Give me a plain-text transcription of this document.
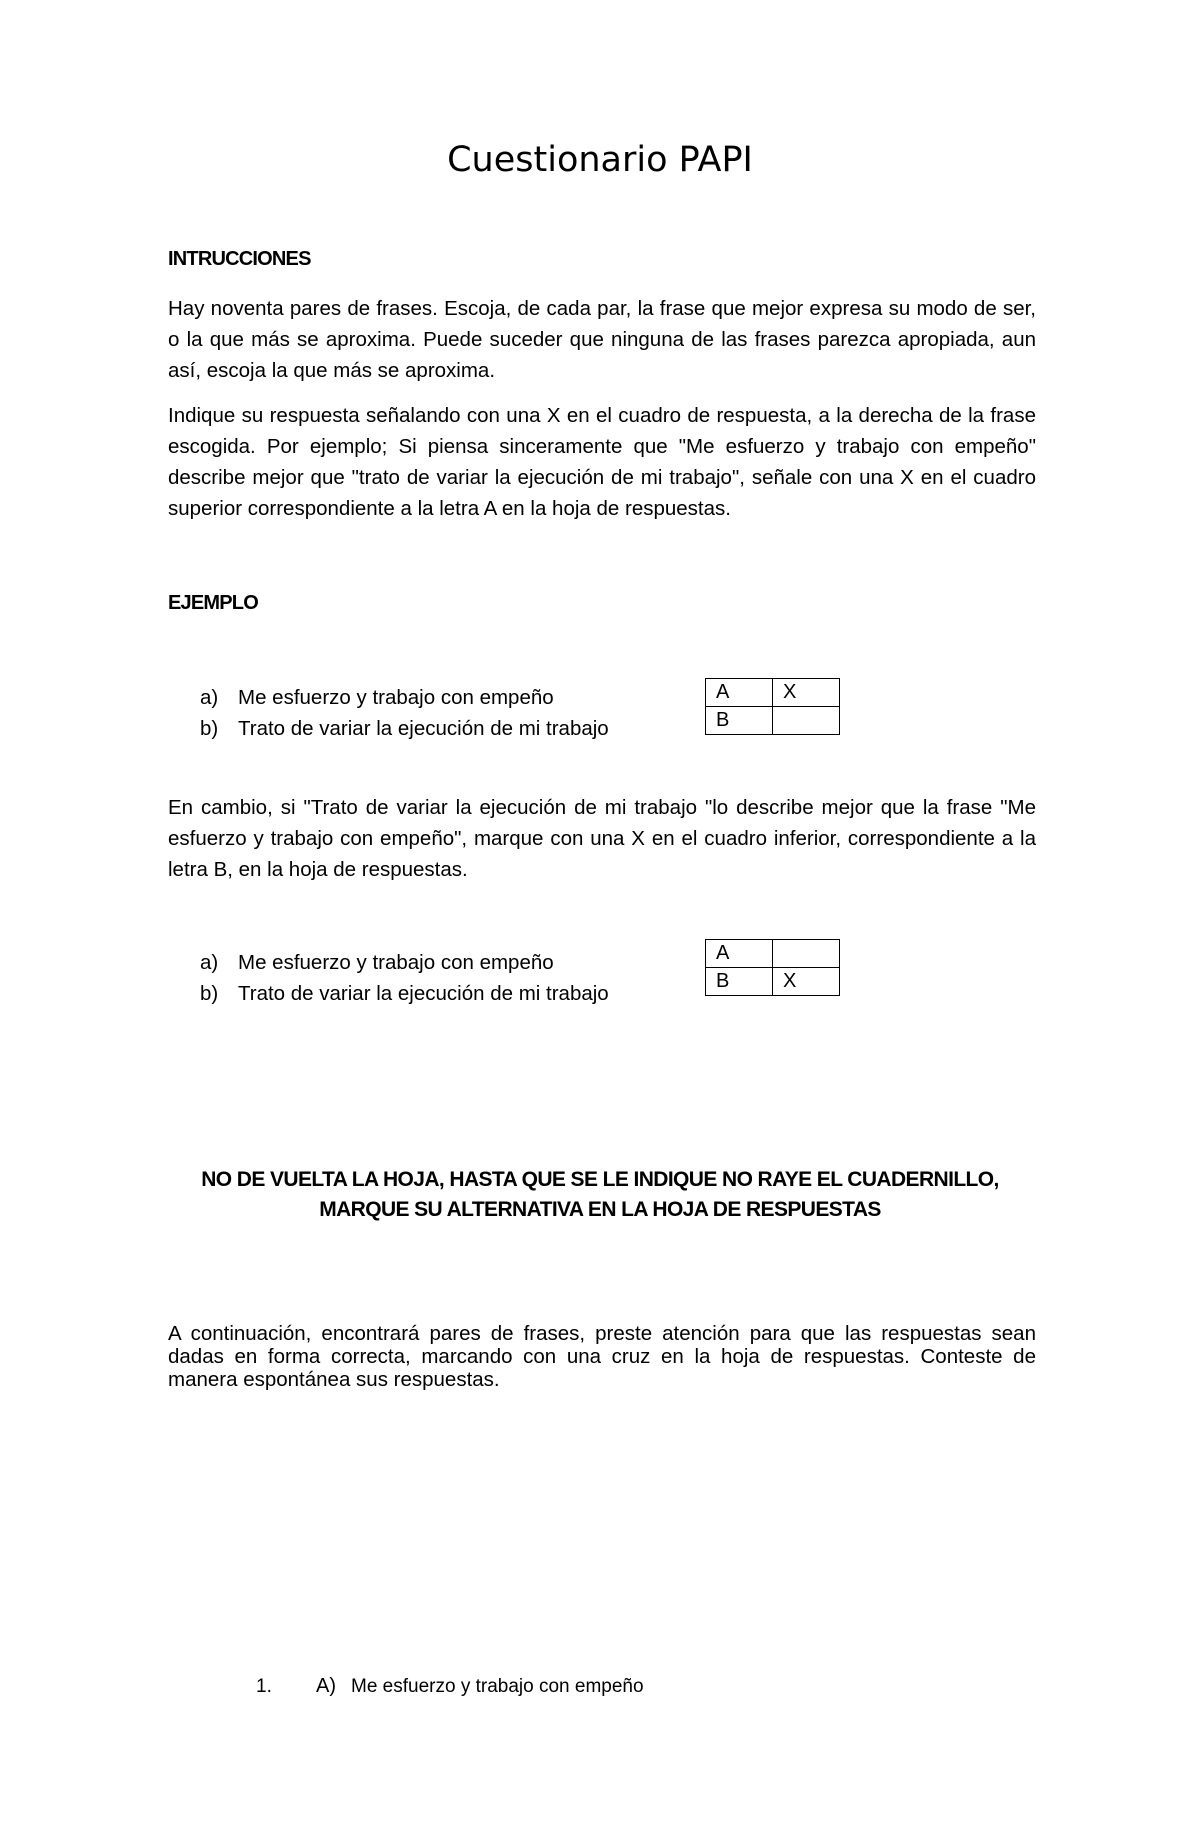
Cuestionario PAPI
INTRUCCIONES

Hay noventa pares de frases. Escoja, de cada par, la frase que mejor expresa su modo de ser, o la que más se aproxima. Puede suceder que ninguna de las frases parezca apropiada, aun así, escoja la que más se aproxima.

Indique su respuesta señalando con una X en el cuadro de respuesta, a la derecha de la frase escogida. Por ejemplo; Si piensa sinceramente que "Me esfuerzo y trabajo con empeño" describe mejor que "trato de variar la ejecución de mi trabajo", señale con una X en el cuadro superior correspondiente a la letra A en la hoja de respuestas.

EJEMPLO
a) Me esfuerzo y trabajo con empeño
b) Trato de variar la ejecución de mi trabajo
A	X
B	

En cambio, si "Trato de variar la ejecución de mi trabajo "lo describe mejor que la frase "Me esfuerzo y trabajo con empeño", marque con una X en el cuadro inferior, correspondiente a la letra B, en la hoja de respuestas.

a) Me esfuerzo y trabajo con empeño
b) Trato de variar la ejecución de mi trabajo
A	
B	X
NO DE VUELTA LA HOJA, HASTA QUE SE LE INDIQUE NO RAYE EL CUADERNILLO,
MARQUE SU ALTERNATIVA EN LA HOJA DE RESPUESTAS

A continuación, encontrará pares de frases, preste atención para que las respuestas sean dadas en forma correcta, marcando con una cruz en la hoja de respuestas. Conteste de manera espontánea sus respuestas.

1.	A) Me esfuerzo y trabajo con empeño
